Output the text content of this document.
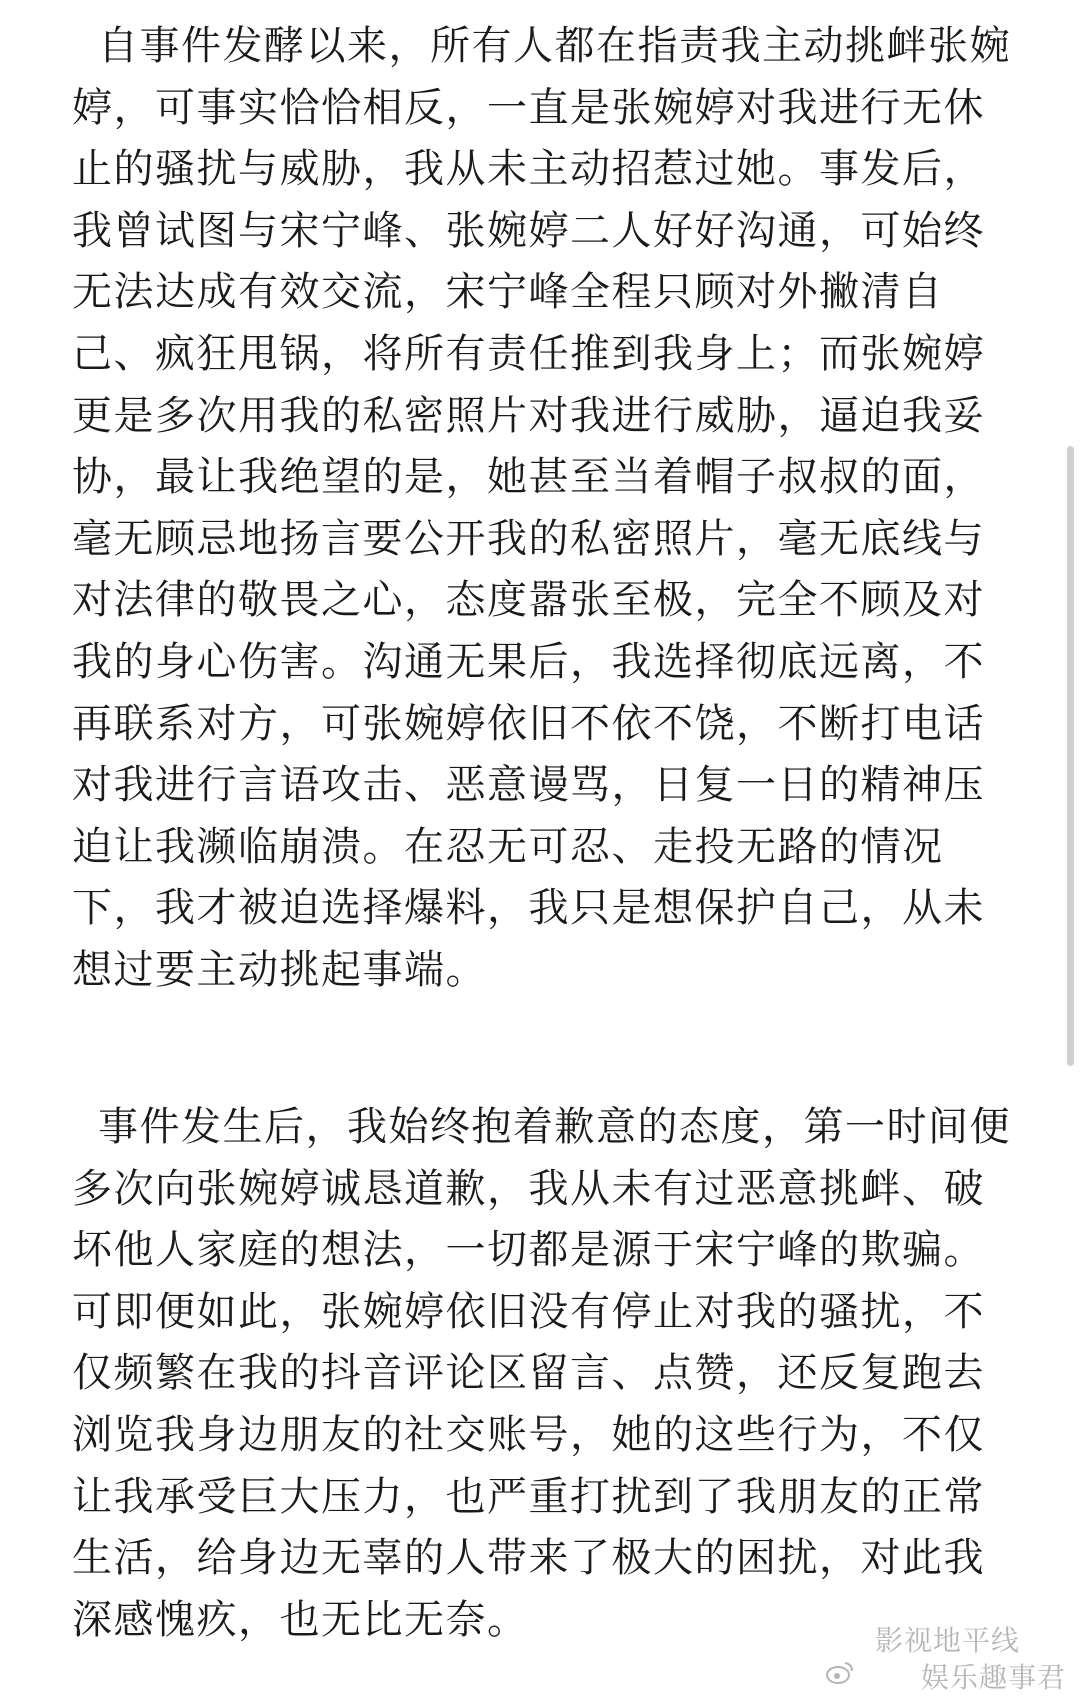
自事件发酵以来，所有人都在指责我主动挑衅张婉

婷，可事实恰恰相反，一直是张婉婷对我进行无休

止的骚扰与威胁，我从未主动招惹过她。事发后，

我曾试图与宋宁峰、张婉婷二人好好沟通，可始终

无法达成有效交流，宋宁峰全程只顾对外撇清自

己、疯狂甩锅，将所有责任推到我身上；而张婉婷

更是多次用我的私密照片对我进行威胁，逼迫我妥

协，最让我绝望的是，她甚至当着帽子叔叔的面，

毫无顾忌地扬言要公开我的私密照片，毫无底线与

对法律的敬畏之心，态度嚣张至极，完全不顾及对

我的身心伤害。沟通无果后，我选择彻底远离，不

再联系对方，可张婉婷依旧不依不饶，不断打电话

对我进行言语攻击、恶意谩骂，日复一日的精神压

迫让我濒临崩溃。在忍无可忍、走投无路的情况

下，我才被迫选择爆料，我只是想保护自己，从未

想过要主动挑起事端。

事件发生后，我始终抱着歉意的态度，第一时间便

多次向张婉婷诚恳道歉，我从未有过恶意挑衅、破

坏他人家庭的想法，一切都是源于宋宁峰的欺骗。

可即便如此，张婉婷依旧没有停止对我的骚扰，不

仅频繁在我的抖音评论区留言、点赞，还反复跑去

浏览我身边朋友的社交账号，她的这些行为，不仅

让我承受巨大压力，也严重打扰到了我朋友的正常

生活，给身边无辜的人带来了极大的困扰，对此我

深感愧疚，也无比无奈。	影视地平线
娱乐趣事君
